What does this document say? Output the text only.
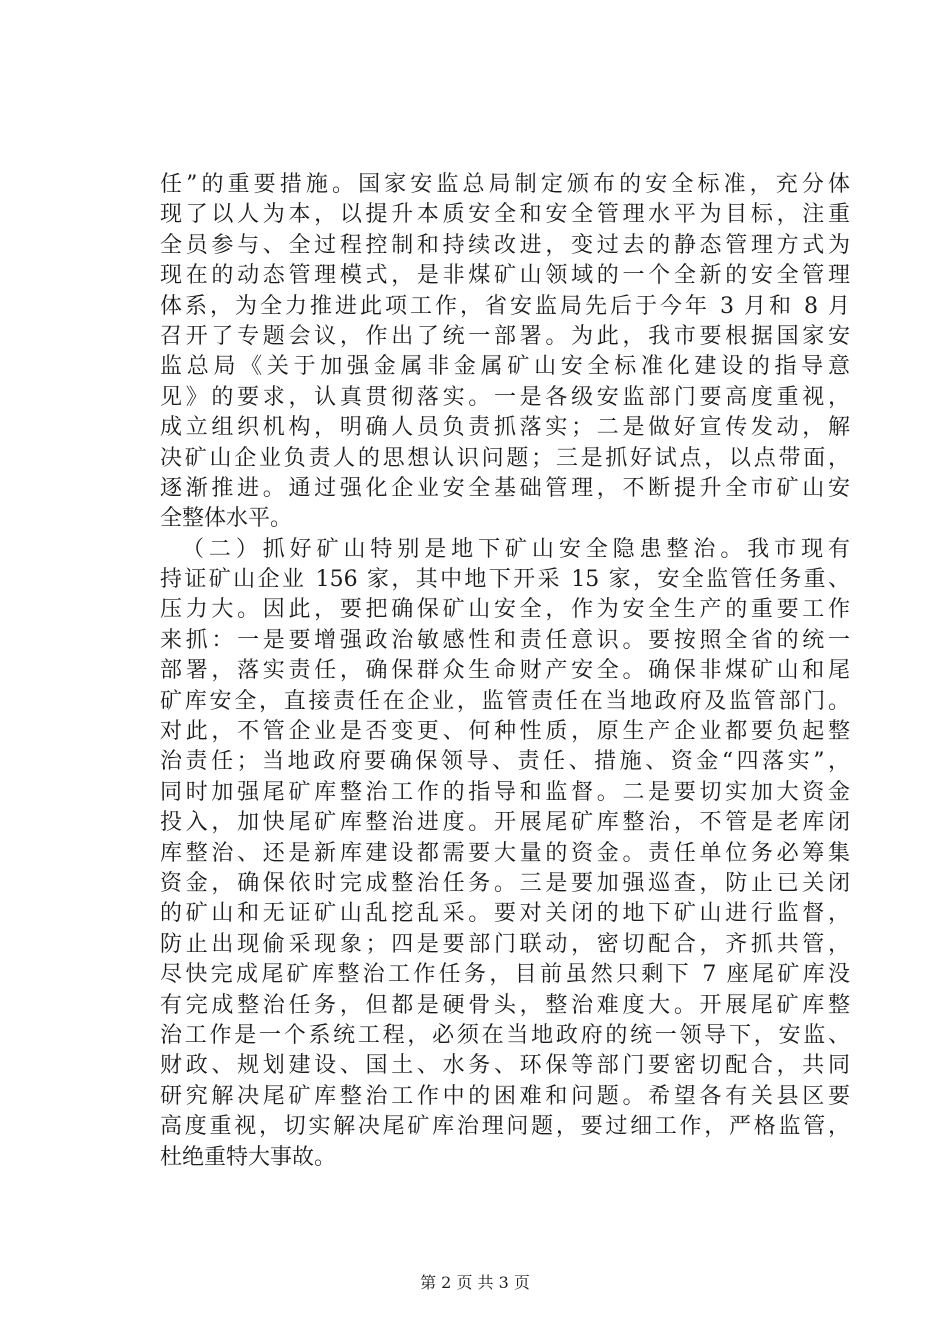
任”的重要措施。国家安监总局制定颁布的安全标准，充分体
现了以人为本，以提升本质安全和安全管理水平为目标，注重
全员参与、全过程控制和持续改进，变过去的静态管理方式为
现在的动态管理模式，是非煤矿山领域的一个全新的安全管理
体系，为全力推进此项工作，省安监局先后于今年 3 月和 8 月
召开了专题会议，作出了统一部署。为此，我市要根据国家安
监总局《关于加强金属非金属矿山安全标准化建设的指导意
见》的要求，认真贯彻落实。一是各级安监部门要高度重视，
成立组织机构，明确人员负责抓落实；二是做好宣传发动，解
决矿山企业负责人的思想认识问题；三是抓好试点，以点带面，
逐渐推进。通过强化企业安全基础管理，不断提升全市矿山安
全整体水平。
（二）抓好矿山特别是地下矿山安全隐患整治。我市现有
持证矿山企业 156 家，其中地下开采 15 家，安全监管任务重、
压力大。因此，要把确保矿山安全，作为安全生产的重要工作
来抓：一是要增强政治敏感性和责任意识。要按照全省的统一
部署，落实责任，确保群众生命财产安全。确保非煤矿山和尾
矿库安全，直接责任在企业，监管责任在当地政府及监管部门。
对此，不管企业是否变更、何种性质，原生产企业都要负起整
治责任；当地政府要确保领导、责任、措施、资金“四落实”，
同时加强尾矿库整治工作的指导和监督。二是要切实加大资金
投入，加快尾矿库整治进度。开展尾矿库整治，不管是老库闭
库整治、还是新库建设都需要大量的资金。责任单位务必筹集
资金，确保依时完成整治任务。三是要加强巡查，防止已关闭
的矿山和无证矿山乱挖乱采。要对关闭的地下矿山进行监督，
防止出现偷采现象；四是要部门联动，密切配合，齐抓共管，
尽快完成尾矿库整治工作任务，目前虽然只剩下 7 座尾矿库没
有完成整治任务，但都是硬骨头，整治难度大。开展尾矿库整
治工作是一个系统工程，必须在当地政府的统一领导下，安监、
财政、规划建设、国土、水务、环保等部门要密切配合，共同
研究解决尾矿库整治工作中的困难和问题。希望各有关县区要
高度重视，切实解决尾矿库治理问题，要过细工作，严格监管，
杜绝重特大事故。
第 2 页 共 3 页
